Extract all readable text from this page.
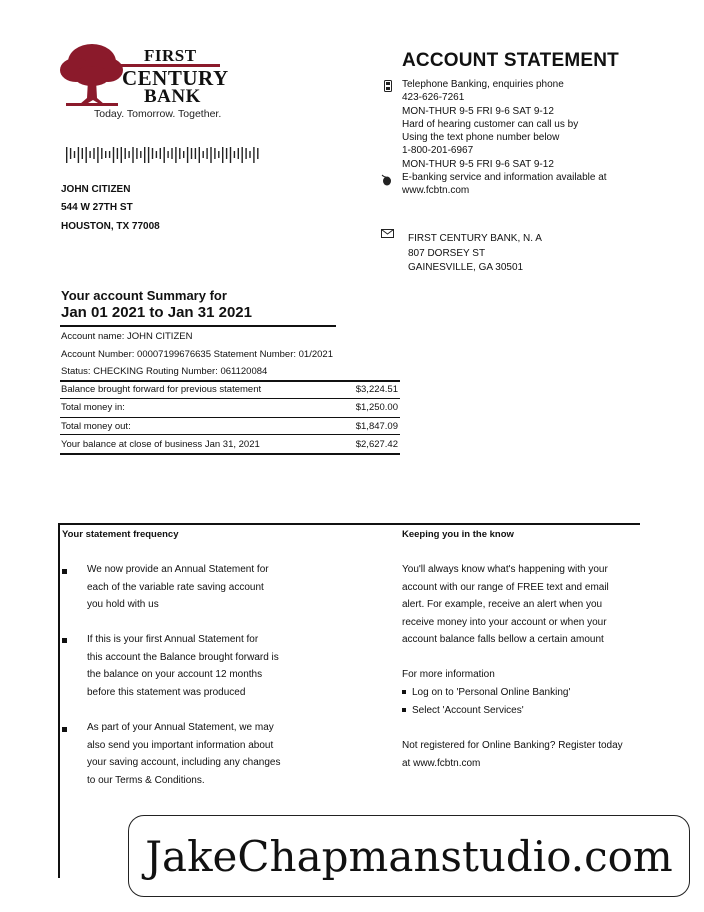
FIRST
CENTURY
BANK
Today. Tomorrow. Together.
JOHN CITIZEN
544 W 27TH ST
HOUSTON, TX 77008
ACCOUNT STATEMENT
Telephone Banking, enquiries phone
423-626-7261
MON-THUR 9-5 FRI 9-6 SAT 9-12
Hard of hearing customer can call us by
Using the text phone number below
1-800-201-6967
MON-THUR 9-5 FRI 9-6 SAT 9-12
E-banking service and information available at
www.fcbtn.com
FIRST CENTURY BANK, N. A
807 DORSEY ST
GAINESVILLE, GA 30501
Your account Summary for
Jan 01 2021 to Jan 31 2021
Account name: JOHN CITIZEN
Account Number: 00007199676635 Statement Number: 01/2021
Status: CHECKING Routing Number: 061120084
Balance brought forward for previous statement	$3,224.51
Total money in:	$1,250.00
Total money out:	$1,847.09
Your balance at close of business Jan 31, 2021	$2,627.42
Your statement frequency	Keeping you in the know
We now provide an Annual Statement for
each of the variable rate saving account
you hold with us
If this is your first Annual Statement for
this account the Balance brought forward is
the balance on your account 12 months
before this statement was produced
As part of your Annual Statement, we may
also send you important information about
your saving account, including any changes
to our Terms & Conditions.
You'll always know what's happening with your
account with our range of FREE text and email
alert. For example, receive an alert when you
receive money into your account or when your
account balance falls bellow a certain amount
For more information
Log on to 'Personal Online Banking'
Select 'Account Services'
Not registered for Online Banking? Register today
at www.fcbtn.com
JakeChapmanstudio.com
